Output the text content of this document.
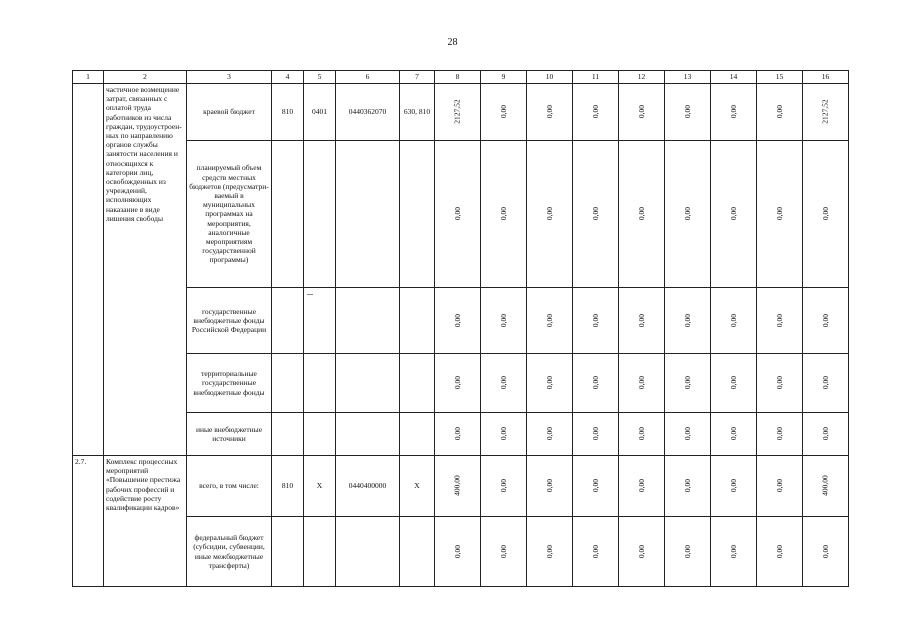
28
1	2	3	4	5	6	7	8	9	10	11	12	13	14	15	16
	частичное возмещение затрат, связанных с оплатой труда работников из числа граждан, трудоустроен-ных по направлению органов службы занятости населения и относящихся к категории лиц, освобожденных из учреждений, исполняющих наказание в виде лишения свободы	краевой бюджет	810	0401	0440362070	630, 810	2127,52	0,00	0,00	0,00	0,00	0,00	0,00	0,00	2127,52
		планируемый объем средств местных бюджетов (предусматри-ваемый в муниципальных программах на мероприятия, аналогичные мероприятиям государственной программы)					0,00	0,00	0,00	0,00	0,00	0,00	0,00	0,00	0,00
		государственные внебюджетные фонды Российской Федерации					0,00	0,00	0,00	0,00	0,00	0,00	0,00	0,00	0,00
		территориальные государственные внебюджетные фонды					0,00	0,00	0,00	0,00	0,00	0,00	0,00	0,00	0,00
		иные внебюджетные источники					0,00	0,00	0,00	0,00	0,00	0,00	0,00	0,00	0,00
2.7.	Комплекс процессных мероприятий «Повышение престижа рабочих профессий и содействие росту квалификации кадров»	всего, в том числе:	810	X	0440400000	X	400,00	0,00	0,00	0,00	0,00	0,00	0,00	0,00	400,00
		федеральный бюджет (субсидии, субвенции, иные межбюджетные трансферты)					0,00	0,00	0,00	0,00	0,00	0,00	0,00	0,00	0,00
